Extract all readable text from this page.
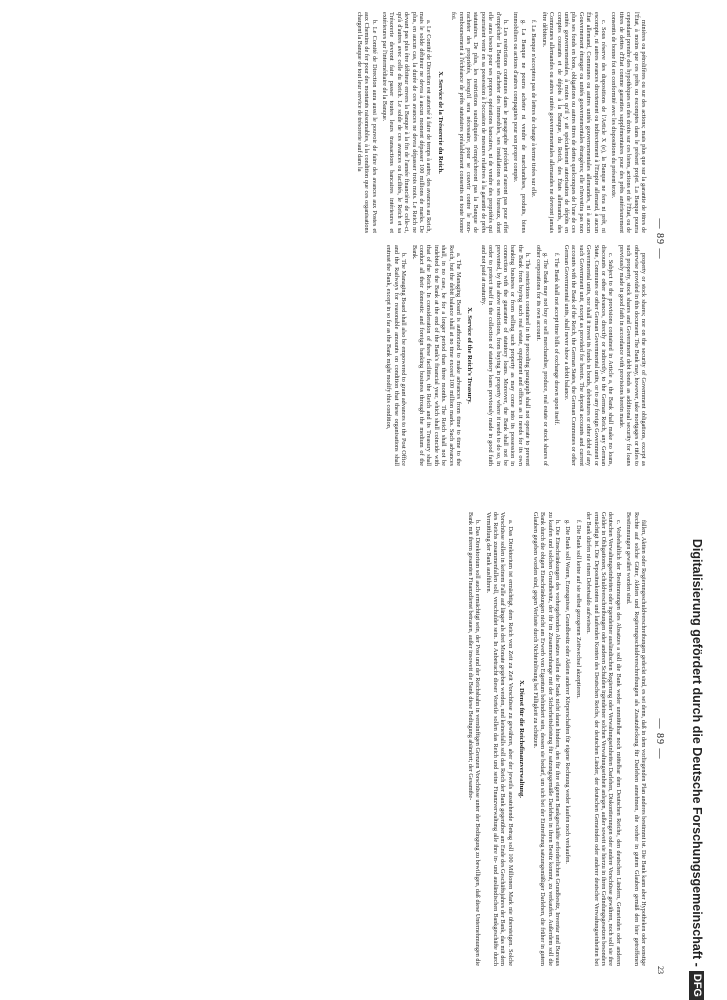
Digitalisierung gefördert durch die Deutsche Forschungsgemeinschaft -
DFG
— 89 —

minières ou pétrolifères ou sur des actions; mais plus que sur la garantie de titres de l'État, à moins que ces prêts ou escomptes dans le présent projet. La Banque pourra cependant prendre des hypothèques en des droits sur ces biens, actions et de l'État, ou de titres de dettes d'État comme garanties supplémentaires pour des prêts antérieurement consentis de bonne foi en conformité avec les dispositions du présent texte.

c. Sous réserve des dispositions de l'Article X (e), la Banque ne fera ni prêt, ni escompte, ni autres avances directement ou indirectement à l'Empire allemand, à aucun État allemand, Communes ou autres unités gouvernementales allemandes, ni à aucun Gouvernement étranger ou unités gouvernementales étrangères; elle n'investira pas non plus ses fonds en bons, obligations ou autres titres de dettes quelconques de l'une de ces unités gouvernementales, à moins qu'il y ait spécialement autorisation de dépôts en comptes courants et de dépôts à la Banque, du Reich, des États allemands, des Communes allemandes ou autres unités gouvernementales allemandes ne devront jamais être débiteurs.

f. La Banque n'acceptera pas de lettres de change à terme tirées sur elle.

g. La Banque ne pourra acheter ni vendre de marchandises, produits, biens immobiliers ou actions d'autres compagnies pour son propre compte.

h. Les restrictions contenues dans le paragraphe précédent n'auront pas pour effet d'empêcher la Banque d'acheter des immeubles, ses installations ou ses bureaux, dont elle aura besoin pour ses propres opérations bancaires, ni de vendre des propriétés qui pourraient venir en sa possession à l'occasion de mesures relatives à la garantie de prêts statutaires. De plus, les restrictions susindiquées n'empêcheront pas la Banque de racheter des propriétés, lorsqu'il sera nécessaire, pour se couvrir contre le non-remboursement à l'échéance de prêts statutaires préalablement consentis en toute bonne foi.

X. Service de la Trésorerie du Reich.

a. Le Comité de Direction est autorisé à faire de temps à autre, des avances au Reich, mais le solde débiteur ne devra à aucun moment dépasser 100 millions de marks. De plus, en aucun cas, la durée de ces avances ne devra dépasser trois mois. Le Reich ne devant pas plus être débiteur envers la Banque à la fin de l'année financière de celle-ci, qu'à d'autres avec celle du Reich. Le solde de ces avances ou facilités, le Reich et sa Trésorerie devront faire passer toutes leurs transactions bancaires intérieures et extérieures par l'intermédiaire de la Banque.

b. Le Comité de Direction aura aussi le pouvoir de faire des avances aux Postes et aux Chemins de fer pour des montants raisonnables, à la condition que ces organisations chargent la Banque de tout leur service de trésorerie sauf dans la

property or stock shares; nor on the security of Government obligations, except as otherwise provided in this document. The Bank may, however, take mortgages or titles to such property, stock shares and Government debt bonds as additional security for loans previously made in good faith in accordance with provisions herein made.

c. Subject to the provisions contained in Article a, the Bank shall make no loans, discounts or other advances, directly or indirectly, to the German Reich, any German State, Communes or other German Governmental units, or to any foreign Government or Governmental units, nor shall it invest its funds in bonds, debentures or other debt of any such Government unit, except as provided for herein. The deposit accounts and current accounts with the Bank of the Reich, the German States, the German Communes or other German Governmental units, shall never show a debit balance.

f. The Bank shall not accept time bills of exchange drawn upon itself.

g. The Bank may not buy or sell merchandise, produce, real estate or stock shares of other corporations for its own account.

h. The restrictions contained in the preceding paragraph shall not operate to prevent the Bank from buying such real estate, equipment and offices as it needs for its own banking business or from selling such property as may come into its possession in connection with the guarantee of statutory loans. Moreover, the Bank shall not be prevented, by the above restrictions, from buying in property where it needs to do so, in order to protect itself in the collection of statutory loans previously made in good faith and not paid at maturity.

X. Service of the Reich's Treasury.

a. The Managing Board is authorized to make advances from time to time to the Reich, but the debit balance shall at no time exceed 100 million marks. Such advances shall, in no case, be for a longer period than three months. The Reich shall not be indebted to the Bank at the end of the Bank's financial year, which shall coincide with that of the Reich. In consideration of these facilities, the Reich and its Treasury shall conduct all their domestic and foreign banking business through the medium of the Bank.

b. The Managing Board shall also be empowered to grant advances to the Post Office and the Railways for reasonable amounts on condition that these organisations shall entrust the Bank, except in so far as the Bank might modify this condition,

— 89 —
23

fällen, Aktien oder Regierungsschuldverschreibungen gedeckt sind, es sei denn, daß in dem vorliegenden Plan anderes bestimmt ist. Die Bank kann aber Hypotheken oder sonstige Rechte auf solche Güter, Aktien und Regierungsschuldverschreibungen als Zusatzdeckung für Darlehen annehmen, die vorher in gutem Glauben gemäß den hier getroffenen Bestimmungen gewährt worden sind.

c. Vorbehaltlich der Bestimmungen des Absatzes a soll die Bank weder unmittelbar noch mittelbar dem Deutschen Reiche, den deutschen Ländern, Gemeinden oder anderen deutschen Verwaltungseinheiten oder irgendeiner ausländischen Regierung oder Verwaltungseinheiten Darlehen, Diskontierungen oder andere Vorschüsse gewähren, noch soll sie ihre Gelder in Obligationen, Schuldverschreibungen oder anderen Schulden irgendeiner solchen Verwaltungseinheit anlegen, außer soweit sie hierzu in ihren Gründungsgesetzen besonders ermächtigt ist. Die Depositenkonten und laufenden Konten des Deutschen Reichs, der deutschen Länder, der deutschen Gemeinden oder anderer deutscher Verwaltungseinheiten bei der Bank dürfen nie einen Debetsaldo aufweisen.

f. Die Bank soll keine auf sie selbst gezogenen Zeitwechsel akzeptieren.

g. Die Bank soll Waren, Erzeugnisse, Grundbesitz oder Aktien anderer Körperschaften für eigene Rechnung weder kaufen noch verkaufen.

h. Die Einschränkungen des vorhergehenden Absatzes sollen die Bank nicht daran hindern, den für ihre eigenen Bankgeschäfte erforderlichen Grundbesitz, Inventar und Bureaus zu kaufen und solchen Grundbesitz, der ihr im Zusammenhange mit der Sicherheitsleistung für satzungsgemäße Darlehen in ihren Besitz kommt, zu verkaufen. Außerdem soll die Bank durch die obigen Einschränkungen nicht am Erwerb von Eigentum behindert sein, dessen sie bedarf, um sich bei der Eintreibung satzungsmäßiger Darlehen, die früher in gutem Glauben gegeben worden sind, gegen Verluste durch Nichteinlösung bei Fälligkeit zu schützen.

X. Dienst für die Reichsfinanzverwaltung.

a. Das Direktorium ist ermächtigt, dem Reich von Zeit zu Zeit Vorschüsse zu gewähren, aber der jeweils ausstehende Betrag soll 100 Millionen Mark nie übersteigen. Solche Vorschüsse sollen in keinem Falle auf länger als drei Monate gegeben werden, und keinesfalls soll das Reich der Bank gegenüber am Ende des Geschäftsjahres der Bank, das mit dem des Reichs zusammenfallen soll, verschuldet sein. In Anbetracht dieser Vorteile sollen das Reich und seine Finanzverwaltung alle ihre in- und ausländischen Bankgeschäfte durch Vermittlung der Bank ausführen.

b. Das Direktorium soll auch ermächtigt sein, der Post und der Reichsbahn in vernünftigen Grenzen Vorschüsse unter der Bedingung zu bewilligen, daß diese Unternehmungen die Bank mit ihrem gesamten Finanzdienst betrauen, außer insoweit die Bank diese Bedingung abändert; der Gesamtbe-
